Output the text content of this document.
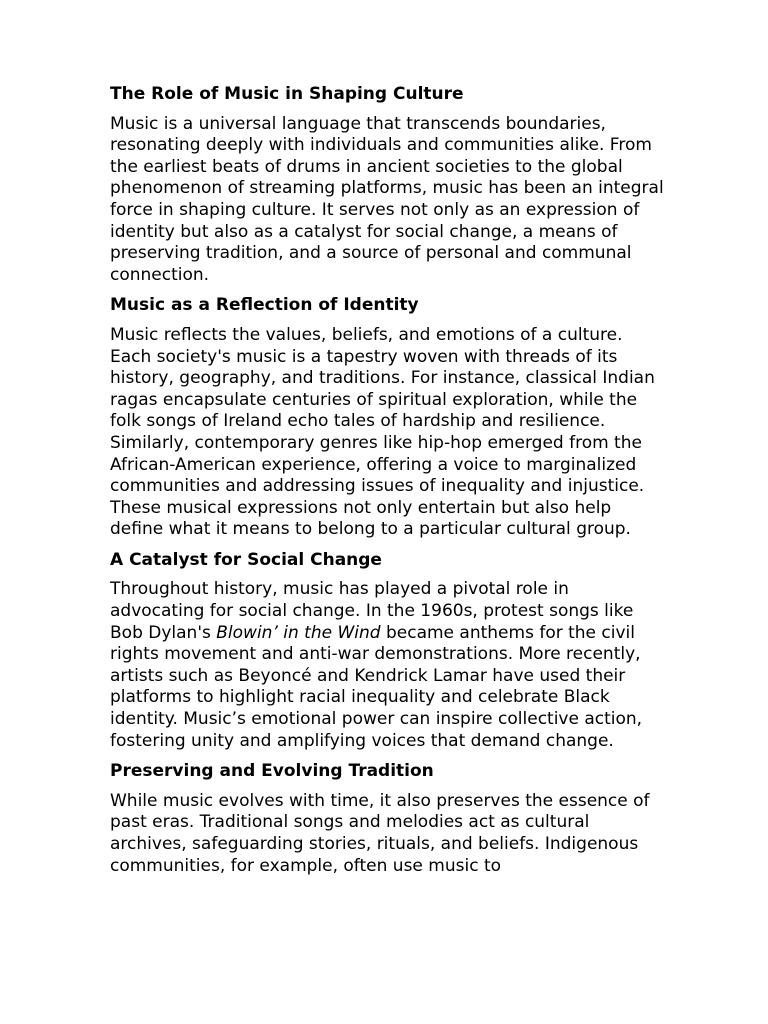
The Role of Music in Shaping Culture

Music is a universal language that transcends boundaries, resonating deeply with individuals and communities alike. From the earliest beats of drums in ancient societies to the global phenomenon of streaming platforms, music has been an integral force in shaping culture. It serves not only as an expression of identity but also as a catalyst for social change, a means of preserving tradition, and a source of personal and communal connection.

Music as a Reflection of Identity

Music reflects the values, beliefs, and emotions of a culture. Each society's music is a tapestry woven with threads of its history, geography, and traditions. For instance, classical Indian ragas encapsulate centuries of spiritual exploration, while the folk songs of Ireland echo tales of hardship and resilience. Similarly, contemporary genres like hip-hop emerged from the African-American experience, offering a voice to marginalized communities and addressing issues of inequality and injustice. These musical expressions not only entertain but also help define what it means to belong to a particular cultural group.

A Catalyst for Social Change

Throughout history, music has played a pivotal role in advocating for social change. In the 1960s, protest songs like Bob Dylan's Blowin’ in the Wind became anthems for the civil rights movement and anti-war demonstrations. More recently, artists such as Beyoncé and Kendrick Lamar have used their platforms to highlight racial inequality and celebrate Black identity. Music’s emotional power can inspire collective action, fostering unity and amplifying voices that demand change.

Preserving and Evolving Tradition

While music evolves with time, it also preserves the essence of past eras. Traditional songs and melodies act as cultural archives, safeguarding stories, rituals, and beliefs. Indigenous communities, for example, often use music to
